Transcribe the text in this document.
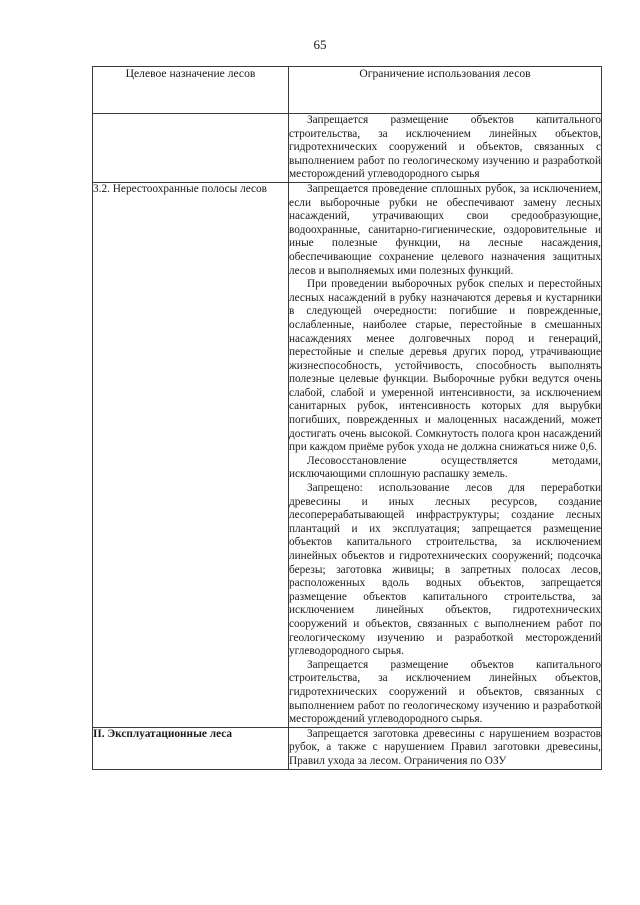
65
Целевое назначение лесов	Ограничение использования лесов

	Запрещается размещение объектов капитального строительства, за исключением линейных объектов, гидротехнических сооружений и объектов, связанных с выполнением работ по геологическому изучению и разработкой месторождений углеводородного сырья

3.2. Нерестоохранные полосы лесов	Запрещается проведение сплошных рубок, за исключением, если выборочные рубки не обеспечивают замену лесных насаждений, утрачивающих свои средообразующие, водоохранные, санитарно-гигиенические, оздоровительные и иные полезные функции, на лесные насаждения, обеспечивающие сохранение целевого назначения защитных лесов и выполняемых ими полезных функций.

При проведении выборочных рубок спелых и перестойных лесных насаждений в рубку назначаются деревья и кустарники в следующей очередности: погибшие и поврежденные, ослабленные, наиболее старые, перестойные в смешанных насаждениях менее долговечных пород и генераций, перестойные и спелые деревья других пород, утрачивающие жизнеспособность, устойчивость, способность выполнять полезные целевые функции. Выборочные рубки ведутся очень слабой, слабой и умеренной интенсивности, за исключением санитарных рубок, интенсивность которых для вырубки погибших, поврежденных и малоценных насаждений, может достигать очень высокой. Сомкнутость полога крон насаждений при каждом приёме рубок ухода не должна снижаться ниже 0,6.

Лесовосстановление осуществляется методами, исключающими сплошную распашку земель.

Запрещено: использование лесов для переработки древесины и иных лесных ресурсов, создание лесоперерабатывающей инфраструктуры; создание лесных плантаций и их эксплуатация; запрещается размещение объектов капитального строительства, за исключением линейных объектов и гидротехнических сооружений; подсочка березы; заготовка живицы; в запретных полосах лесов, расположенных вдоль водных объектов, запрещается размещение объектов капитального строительства, за исключением линейных объектов, гидротехнических сооружений и объектов, связанных с выполнением работ по геологическому изучению и разработкой месторождений углеводородного сырья.

Запрещается размещение объектов капитального строительства, за исключением линейных объектов, гидротехнических сооружений и объектов, связанных с выполнением работ по геологическому изучению и разработкой месторождений углеводородного сырья.

II. Эксплуатационные леса	Запрещается заготовка древесины с нарушением возрастов рубок, а также с нарушением Правил заготовки древесины, Правил ухода за лесом. Ограничения по ОЗУ
